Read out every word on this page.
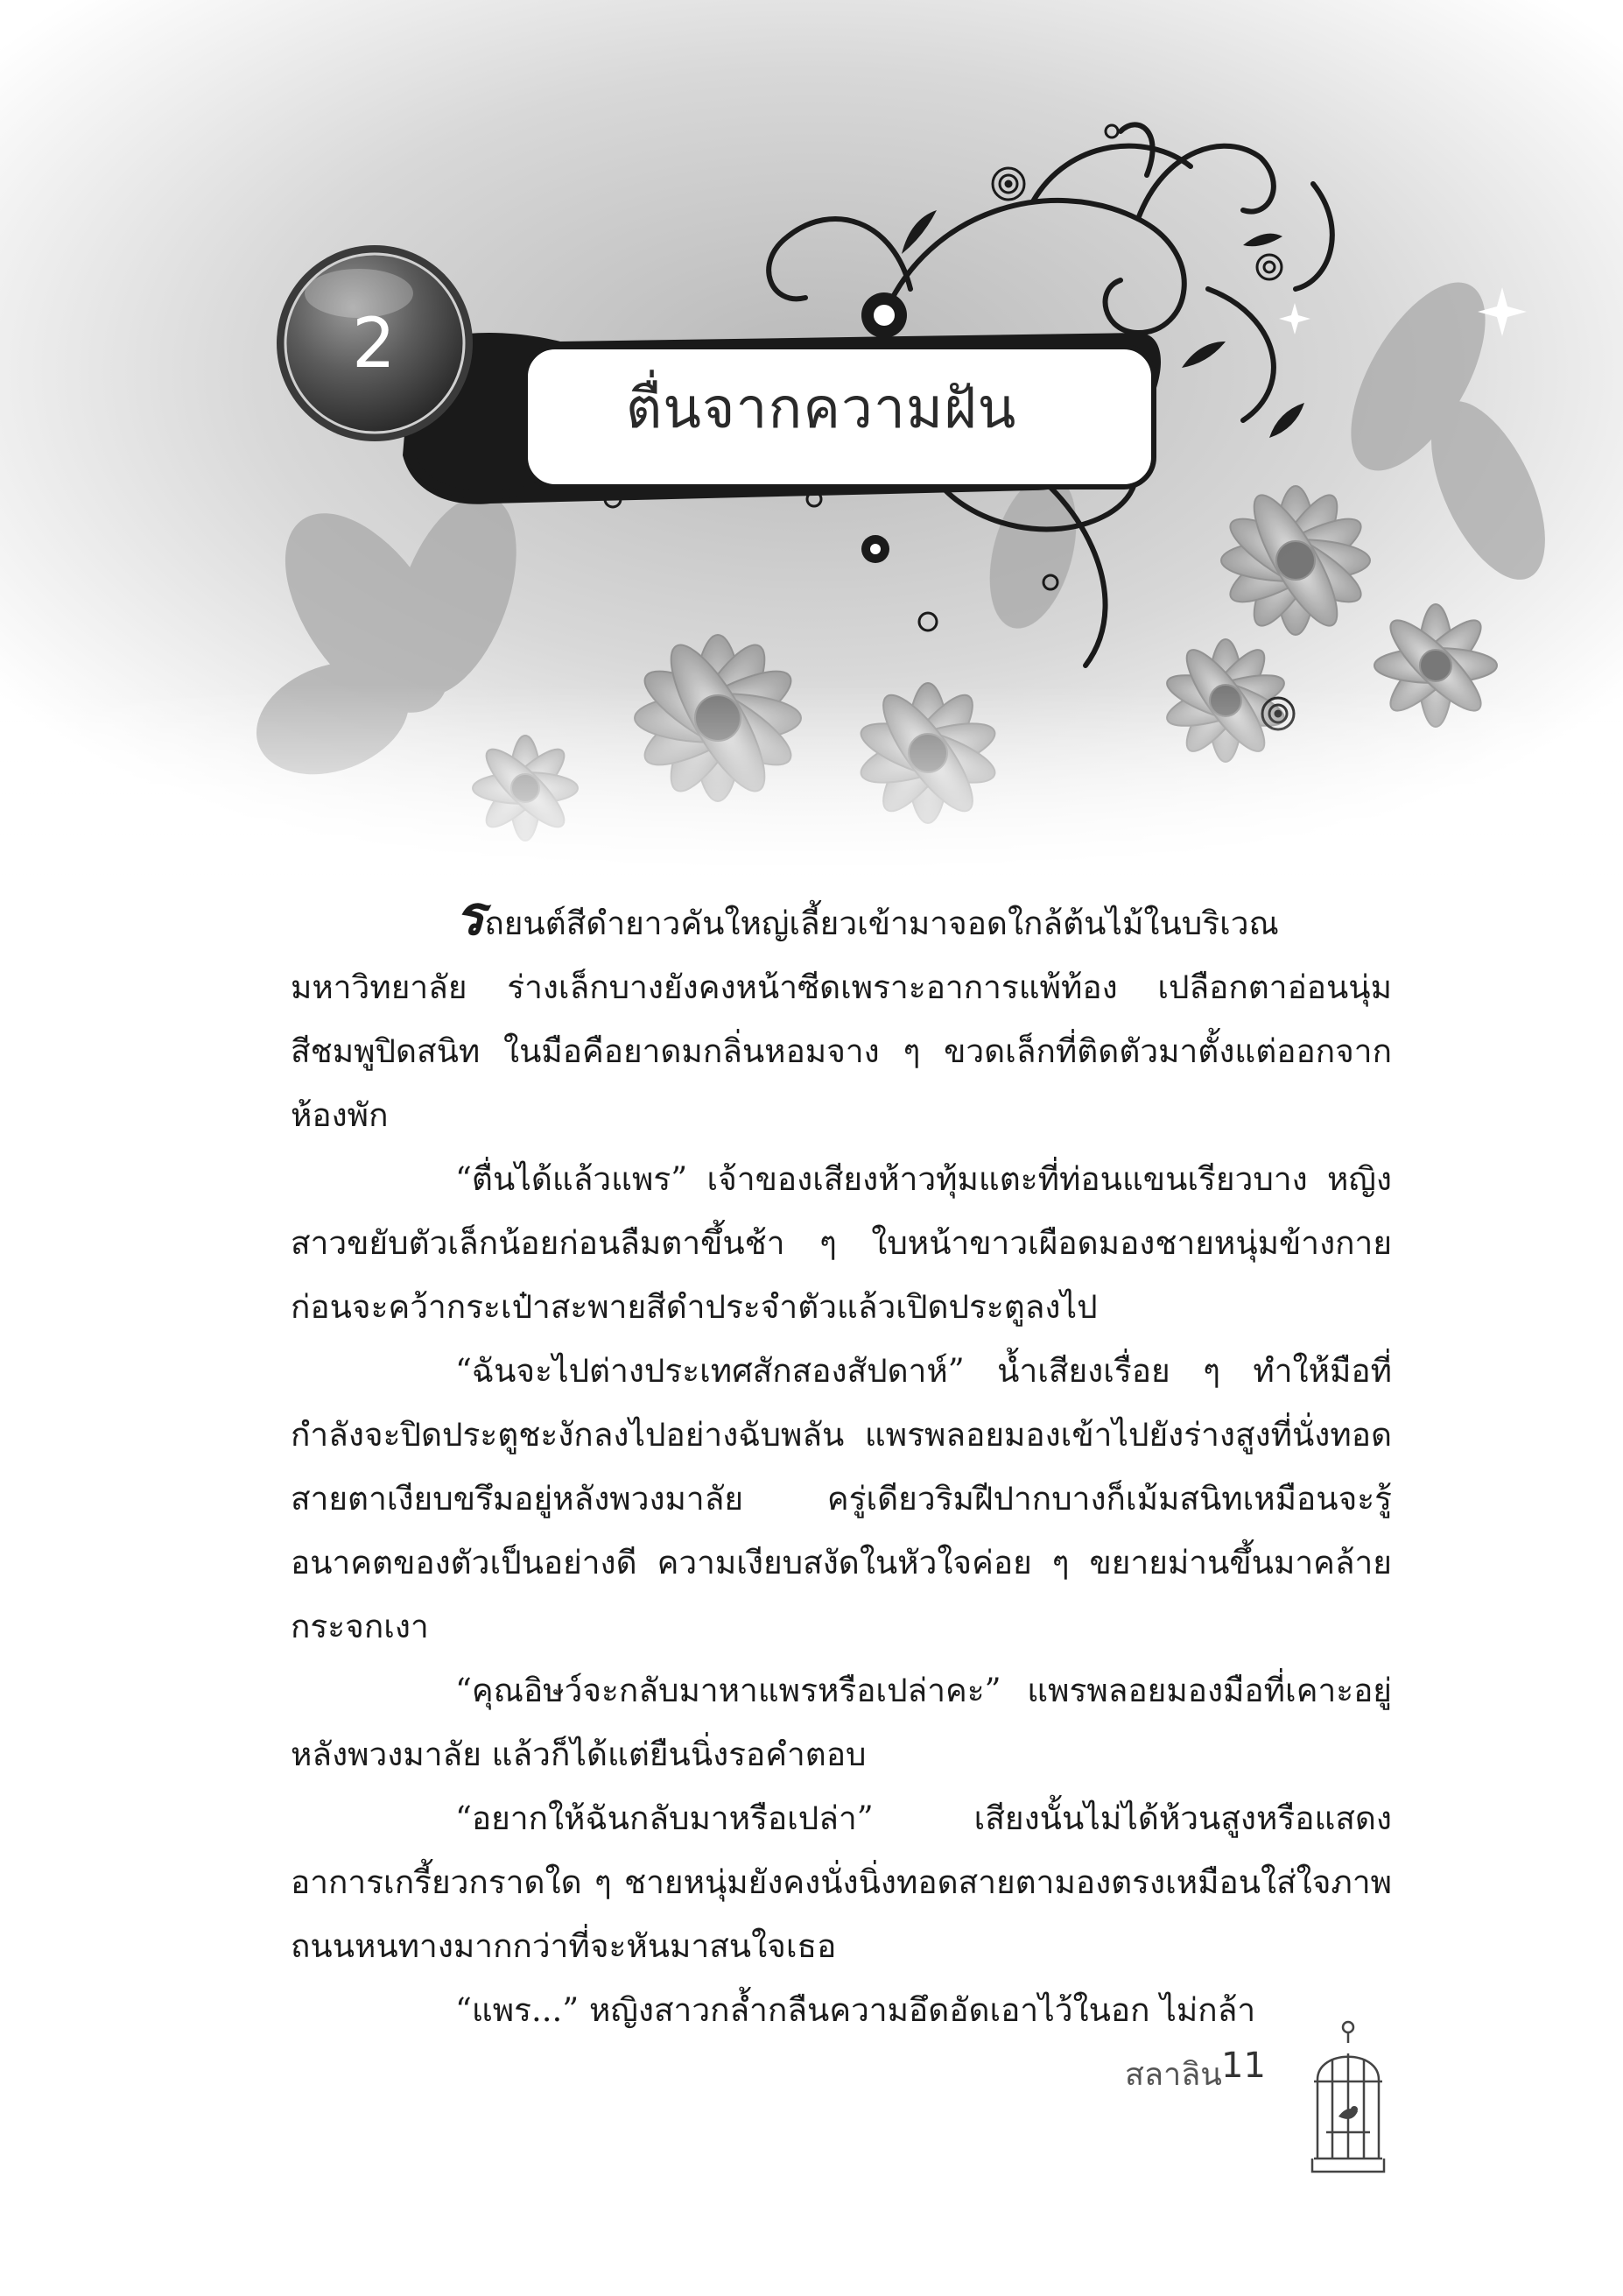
2
ตื่นจากความฝัน

รถยนต์สีดำยาวคันใหญ่เลี้ยวเข้ามาจอดใกล้ต้นไม้ในบริเวณมหาวิทยาลัย ร่างเล็กบางยังคงหน้าซีดเพราะอาการแพ้ท้อง เปลือกตาอ่อนนุ่มสีชมพูปิดสนิท ในมือคือยาดมกลิ่นหอมจาง ๆ ขวดเล็กที่ติดตัวมาตั้งแต่ออกจากห้องพัก

“ตื่นได้แล้วแพร” เจ้าของเสียงห้าวทุ้มแตะที่ท่อนแขนเรียวบาง หญิงสาวขยับตัวเล็กน้อยก่อนลืมตาขึ้นช้า ๆ ใบหน้าขาวเผือดมองชายหนุ่มข้างกาย ก่อนจะคว้ากระเป๋าสะพายสีดำประจำตัวแล้วเปิดประตูลงไป

“ฉันจะไปต่างประเทศสักสองสัปดาห์” น้ำเสียงเรื่อย ๆ ทำให้มือที่กำลังจะปิดประตูชะงักลงไปอย่างฉับพลัน แพรพลอยมองเข้าไปยังร่างสูงที่นั่งทอดสายตาเงียบขรึมอยู่หลังพวงมาลัย ครู่เดียวริมฝีปากบางก็เม้มสนิทเหมือนจะรู้อนาคตของตัวเป็นอย่างดี ความเงียบสงัดในหัวใจค่อย ๆ ขยายม่านขึ้นมาคล้ายกระจกเงา

“คุณอิษว์จะกลับมาหาแพรหรือเปล่าคะ” แพรพลอยมองมือที่เคาะอยู่หลังพวงมาลัย แล้วก็ได้แต่ยืนนิ่งรอคำตอบ

“อยากให้ฉันกลับมาหรือเปล่า” เสียงนั้นไม่ได้ห้วนสูงหรือแสดงอาการเกรี้ยวกราดใด ๆ ชายหนุ่มยังคงนั่งนิ่งทอดสายตามองตรงเหมือนใส่ใจภาพถนนหนทางมากกว่าที่จะหันมาสนใจเธอ

“แพร...” หญิงสาวกล้ำกลืนความอึดอัดเอาไว้ในอก ไม่กล้า

สลาลิน 11
